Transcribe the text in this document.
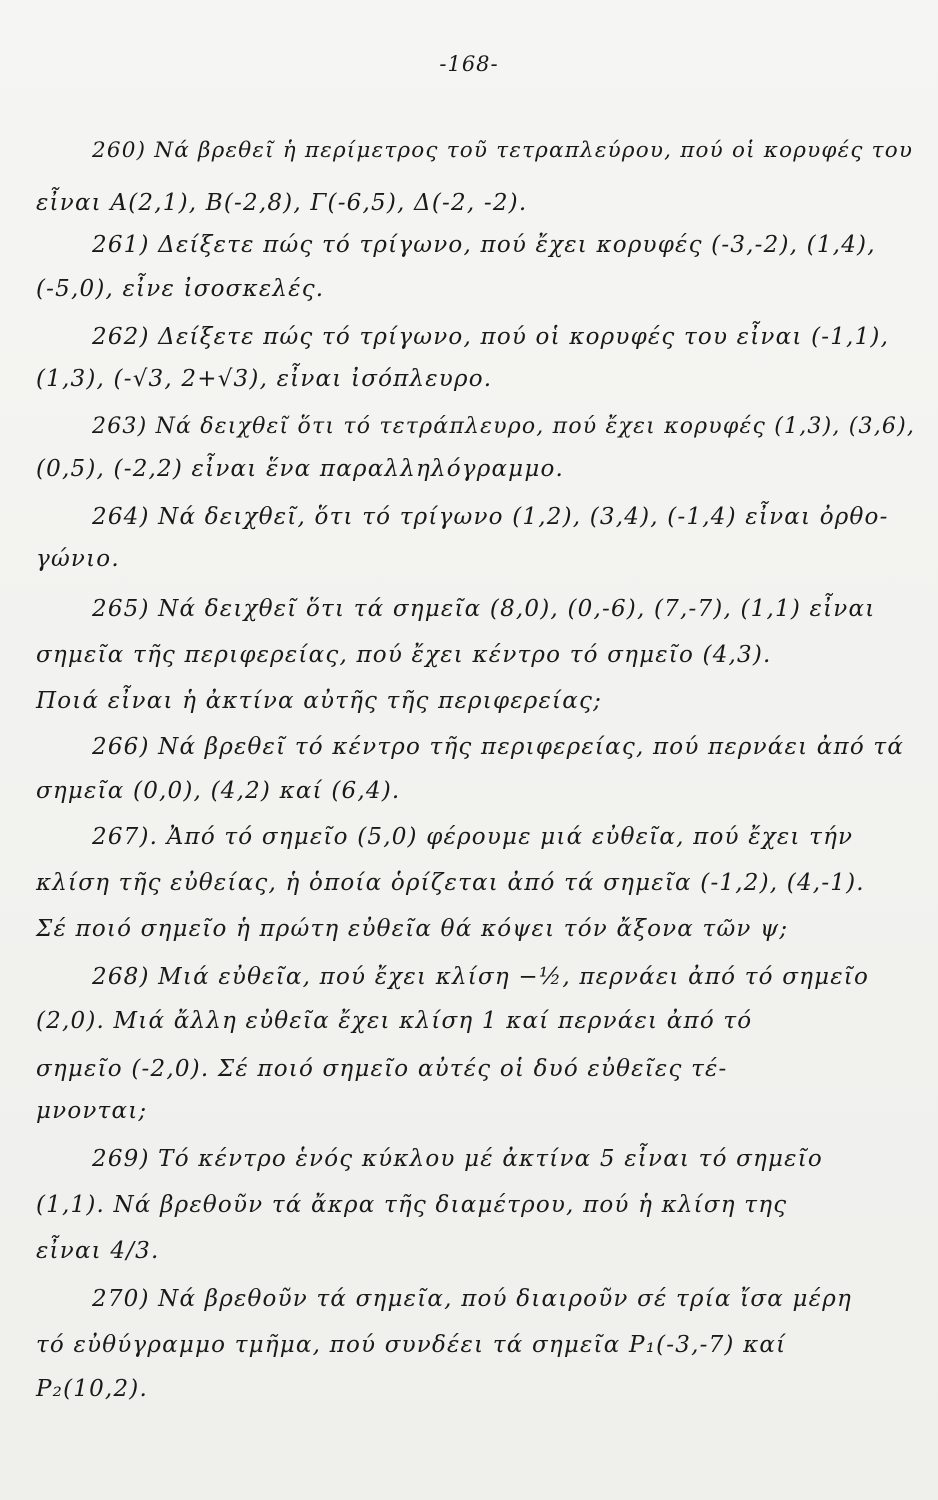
-168-
260) Νά βρεθεῖ ἡ περίμετρος τοῦ τετραπλεύρου, πού οἱ κορυφές του
εἶναι A(2,1), B(-2,8), Γ(-6,5), Δ(-2, -2).
261) Δείξετε πώς τό τρίγωνο, πού ἔχει κορυφές (-3,-2), (1,4),
(-5,0), εἶνε ἰσοσκελές.
262) Δείξετε πώς τό τρίγωνο, πού οἱ κορυφές του εἶναι (-1,1),
(1,3), (-√3, 2+√3), εἶναι ἰσόπλευρο.
263) Νά δειχθεῖ ὅτι τό τετράπλευρο, πού ἔχει κορυφές (1,3), (3,6),
(0,5), (-2,2) εἶναι ἕνα παραλληλόγραμμο.
264) Νά δειχθεῖ, ὅτι τό τρίγωνο (1,2), (3,4), (-1,4) εἶναι ὀρθο-
γώνιο.
265) Νά δειχθεῖ ὅτι τά σημεῖα (8,0), (0,-6), (7,-7), (1,1) εἶναι
σημεῖα τῆς περιφερείας, πού ἔχει κέντρο τό σημεῖο (4,3).
Ποιά εἶναι ἡ ἀκτίνα αὐτῆς τῆς περιφερείας;
266) Νά βρεθεῖ τό κέντρο τῆς περιφερείας, πού περνάει ἀπό τά
σημεῖα (0,0), (4,2) καί (6,4).
267). Ἀπό τό σημεῖο (5,0) φέρουμε μιά εὐθεῖα, πού ἔχει τήν
κλίση τῆς εὐθείας, ἡ ὁποία ὁρίζεται ἀπό τά σημεῖα (-1,2), (4,-1).
Σέ ποιό σημεῖο ἡ πρώτη εὐθεῖα θά κόψει τόν ἄξονα τῶν ψ;
268) Μιά εὐθεῖα, πού ἔχει κλίση −½, περνάει ἀπό τό σημεῖο
(2,0). Μιά ἄλλη εὐθεῖα ἔχει κλίση 1 καί περνάει ἀπό τό
σημεῖο (-2,0). Σέ ποιό σημεῖο αὐτές οἱ δυό εὐθεῖες τέ-
μνονται;
269) Τό κέντρο ἑνός κύκλου μέ ἀκτίνα 5 εἶναι τό σημεῖο
(1,1). Νά βρεθοῦν τά ἄκρα τῆς διαμέτρου, πού ἡ κλίση της
εἶναι 4/3.
270) Νά βρεθοῦν τά σημεῖα, πού διαιροῦν σέ τρία ἴσα μέρη
τό εὐθύγραμμο τμῆμα, πού συνδέει τά σημεῖα P₁(-3,-7) καί
P₂(10,2).
